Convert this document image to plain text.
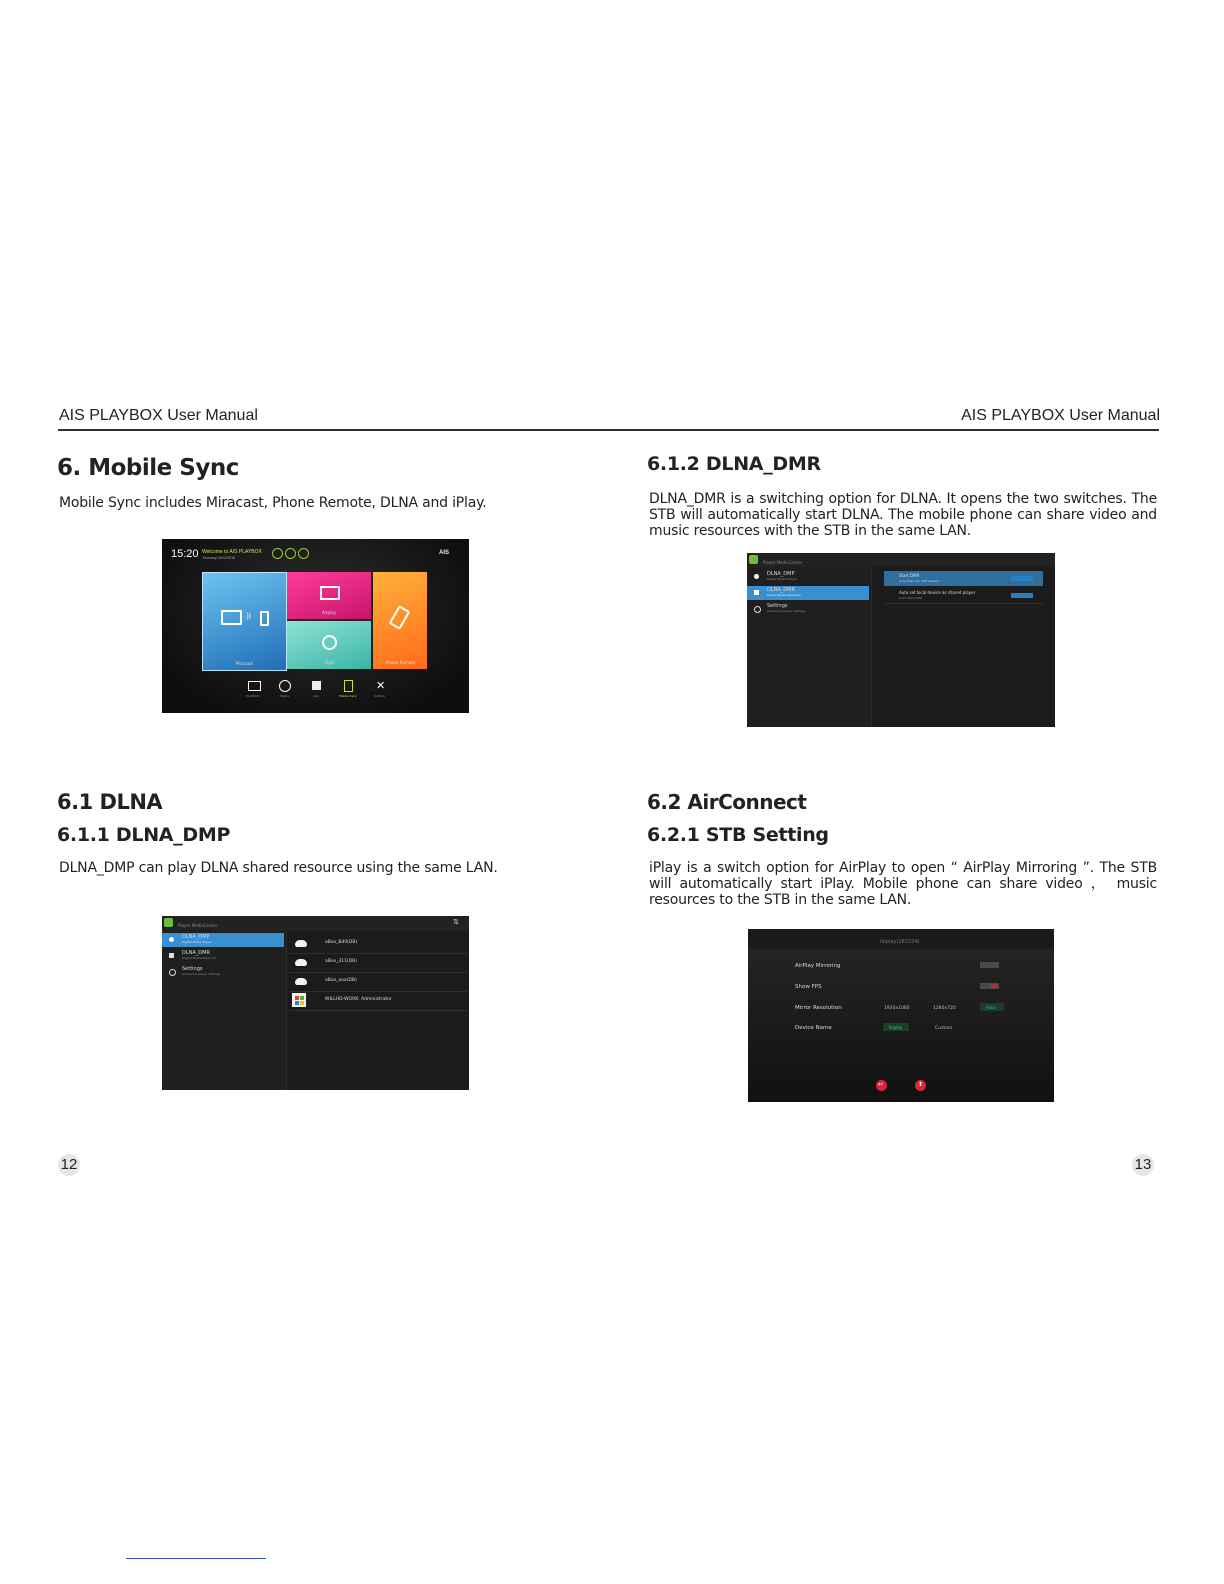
AIS PLAYBOX User Manual	AIS PLAYBOX User Manual
6. Mobile Sync
Mobile Sync includes Miracast, Phone Remote, DLNA and iPlay.
15:20 Welcome to AIS PLAYBOX
Thursday 04/02/2016
AIS
·))
Miracast
Airplay
Sync	Phone Remote
✕
PLAYBOX	Media	App	Mobile Sync	Setting
6.1 DLNA
6.1.1 DLNA_DMP
DLNA_DMP can play DLNA shared resource using the same LAN.
Player MediaCenter	⇅
DLNA_DMP
Digital Media Player
DLNA_DMR
Digital Media Renderer
Settings
Advanced player settings
aBox_Bd0(DB)
aBox_311(DB)
aBox_aaa(DB)
WILLHD-WORK: Administrator
12
6.1.2 DLNA_DMR
DLNA_DMR is a switching option for DLNA. It opens the two switches. The STB will automatically start DLNA. The mobile phone can share video and music resources with the STB in the same LAN.
Player MediaCenter
DLNA_DMP
Digital Media Player
DLNA_DMR
Digital Media Renderer
Settings
Advanced player settings
Start DMR
only when the STB started
Auto set local device as shared player
Auto Start DMR
6.2 AirConnect
6.2.1 STB Setting
iPlay is a switch option for AirPlay to open “ AirPlay Mirroring ”. The STB will automatically start iPlay. Mobile phone can share video ， music resources to the STB in the same LAN.
Iloplay(287224)
AirPlay Mirroring
Show FPS
Mirror Resolution	1920x1080	1280x720	Auto
Device Name	Iloplay	Custom
↩	⬆
13
